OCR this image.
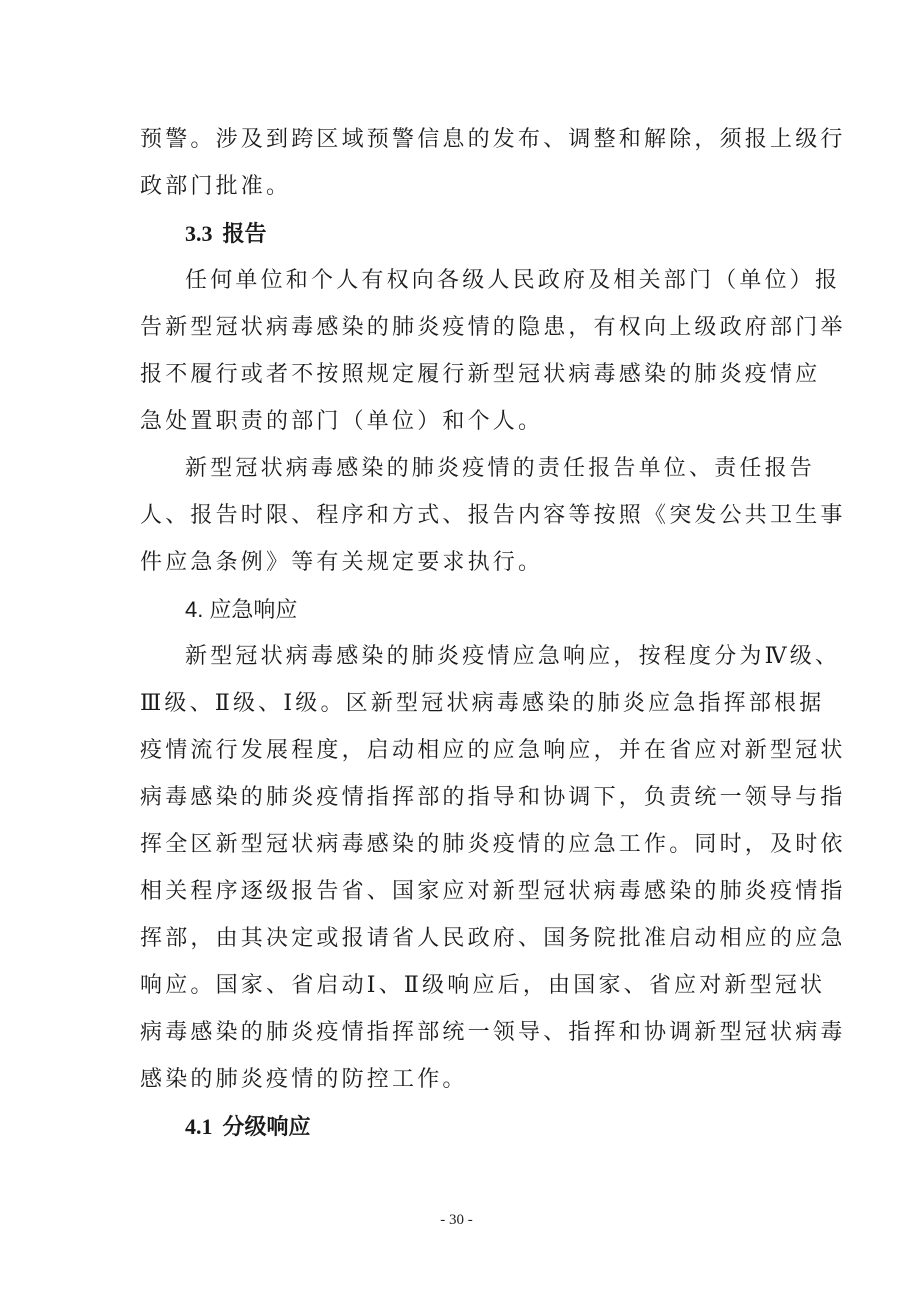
预警。涉及到跨区域预警信息的发布、调整和解除，须报上级行
政部门批准。
3.3 报告
任何单位和个人有权向各级人民政府及相关部门（单位）报
告新型冠状病毒感染的肺炎疫情的隐患，有权向上级政府部门举
报不履行或者不按照规定履行新型冠状病毒感染的肺炎疫情应
急处置职责的部门（单位）和个人。
新型冠状病毒感染的肺炎疫情的责任报告单位、责任报告
人、报告时限、程序和方式、报告内容等按照《突发公共卫生事
件应急条例》等有关规定要求执行。
4. 应急响应
新型冠状病毒感染的肺炎疫情应急响应，按程度分为Ⅳ级、
Ⅲ级、Ⅱ级、Ⅰ级。区新型冠状病毒感染的肺炎应急指挥部根据
疫情流行发展程度，启动相应的应急响应，并在省应对新型冠状
病毒感染的肺炎疫情指挥部的指导和协调下，负责统一领导与指
挥全区新型冠状病毒感染的肺炎疫情的应急工作。同时，及时依
相关程序逐级报告省、国家应对新型冠状病毒感染的肺炎疫情指
挥部，由其决定或报请省人民政府、国务院批准启动相应的应急
响应。国家、省启动Ⅰ、Ⅱ级响应后，由国家、省应对新型冠状
病毒感染的肺炎疫情指挥部统一领导、指挥和协调新型冠状病毒
感染的肺炎疫情的防控工作。
4.1 分级响应
- 30 -
